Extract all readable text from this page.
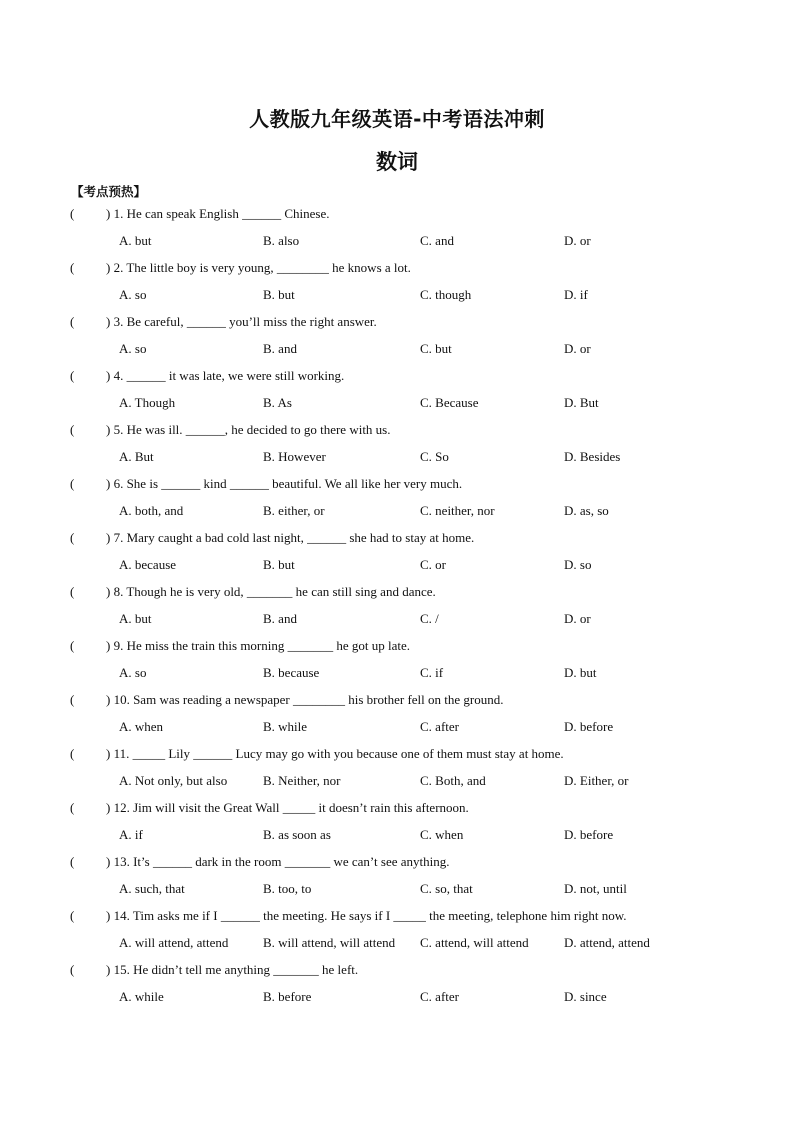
人教版九年级英语-中考语法冲刺
数词
【考点预热】
( ) 1. He can speak English ______ Chinese.
A. but	B. also	C. and	D. or
( ) 2. The little boy is very young, ________ he knows a lot.
A. so	B. but	C. though	D. if
( ) 3. Be careful, ______ you’ll miss the right answer.
A. so	B. and	C. but	D. or
( ) 4. ______ it was late, we were still working.
A. Though	B. As	C. Because	D. But
( ) 5. He was ill. ______, he decided to go there with us.
A. But	B. However	C. So	D. Besides
( ) 6. She is ______ kind ______ beautiful. We all like her very much.
A. both, and	B. either, or	C. neither, nor	D. as, so
( ) 7. Mary caught a bad cold last night, ______ she had to stay at home.
A. because	B. but	C. or	D. so
( ) 8. Though he is very old, _______ he can still sing and dance.
A. but	B. and	C. /	D. or
( ) 9. He miss the train this morning _______ he got up late.
A. so	B. because	C. if	D. but
( ) 10. Sam was reading a newspaper ________ his brother fell on the ground.
A. when	B. while	C. after	D. before
( ) 11. _____ Lily ______ Lucy may go with you because one of them must stay at home.
A. Not only, but also	B. Neither, nor	C. Both, and	D. Either, or
( ) 12. Jim will visit the Great Wall _____ it doesn’t rain this afternoon.
A. if	B. as soon as	C. when	D. before
( ) 13. It’s ______ dark in the room _______ we can’t see anything.
A. such, that	B. too, to	C. so, that	D. not, until
( ) 14. Tim asks me if I ______ the meeting. He says if I _____ the meeting, telephone him right now.
A. will attend, attend	B. will attend, will attend C. attend, will attend	D. attend, attend
( ) 15. He didn’t tell me anything _______ he left.
A. while	B. before	C. after	D. since
